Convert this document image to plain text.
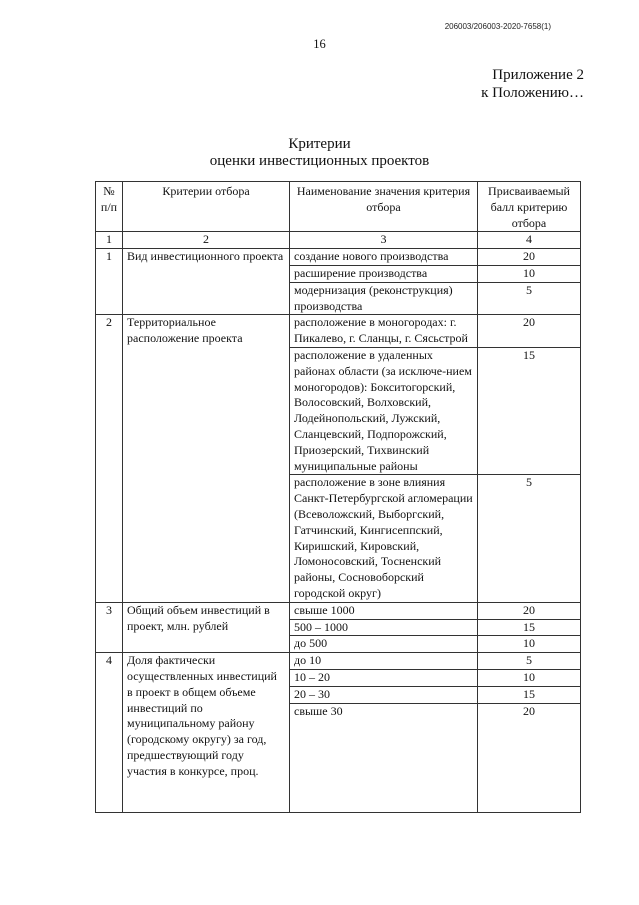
206003/206003-2020-7658(1)
16
Приложение 2
к Положению…
Критерии
оценки инвестиционных проектов
№ п/п	Критерии отбора	Наименование значения критерия отбора	Присваиваемый балл критерию отбора
1	2	3	4
1	Вид инвестиционного проекта	создание нового производства	20
		расширение производства	10
		модернизация (реконструкция) производства	5
2	Территориальное расположение проекта	расположение в моногородах: г. Пикалево, г. Сланцы, г. Сясьстрой	20
		расположение в удаленных районах области (за исключе-нием моногородов): Бокситогорский, Волосовский, Волховский, Лодейнопольский, Лужский, Сланцевский, Подпорожский, Приозерский, Тихвинский муниципальные районы	15
		расположение в зоне влияния Санкт-Петербургской агломерации (Всеволожский, Выборгский, Гатчинский, Кингисеппский, Киришский, Кировский, Ломоносовский, Тосненский районы, Сосновоборский городской округ)	5
3	Общий объем инвестиций в проект, млн. рублей	свыше 1000	20
		500 – 1000	15
		до 500	10
4	Доля фактически осуществленных инвестиций в проект в общем объеме инвестиций по муниципальному району (городскому округу) за год, предшествующий году участия в конкурсе, проц.	до 10	5
		10 – 20	10
		20 – 30	15
		свыше 30	20
